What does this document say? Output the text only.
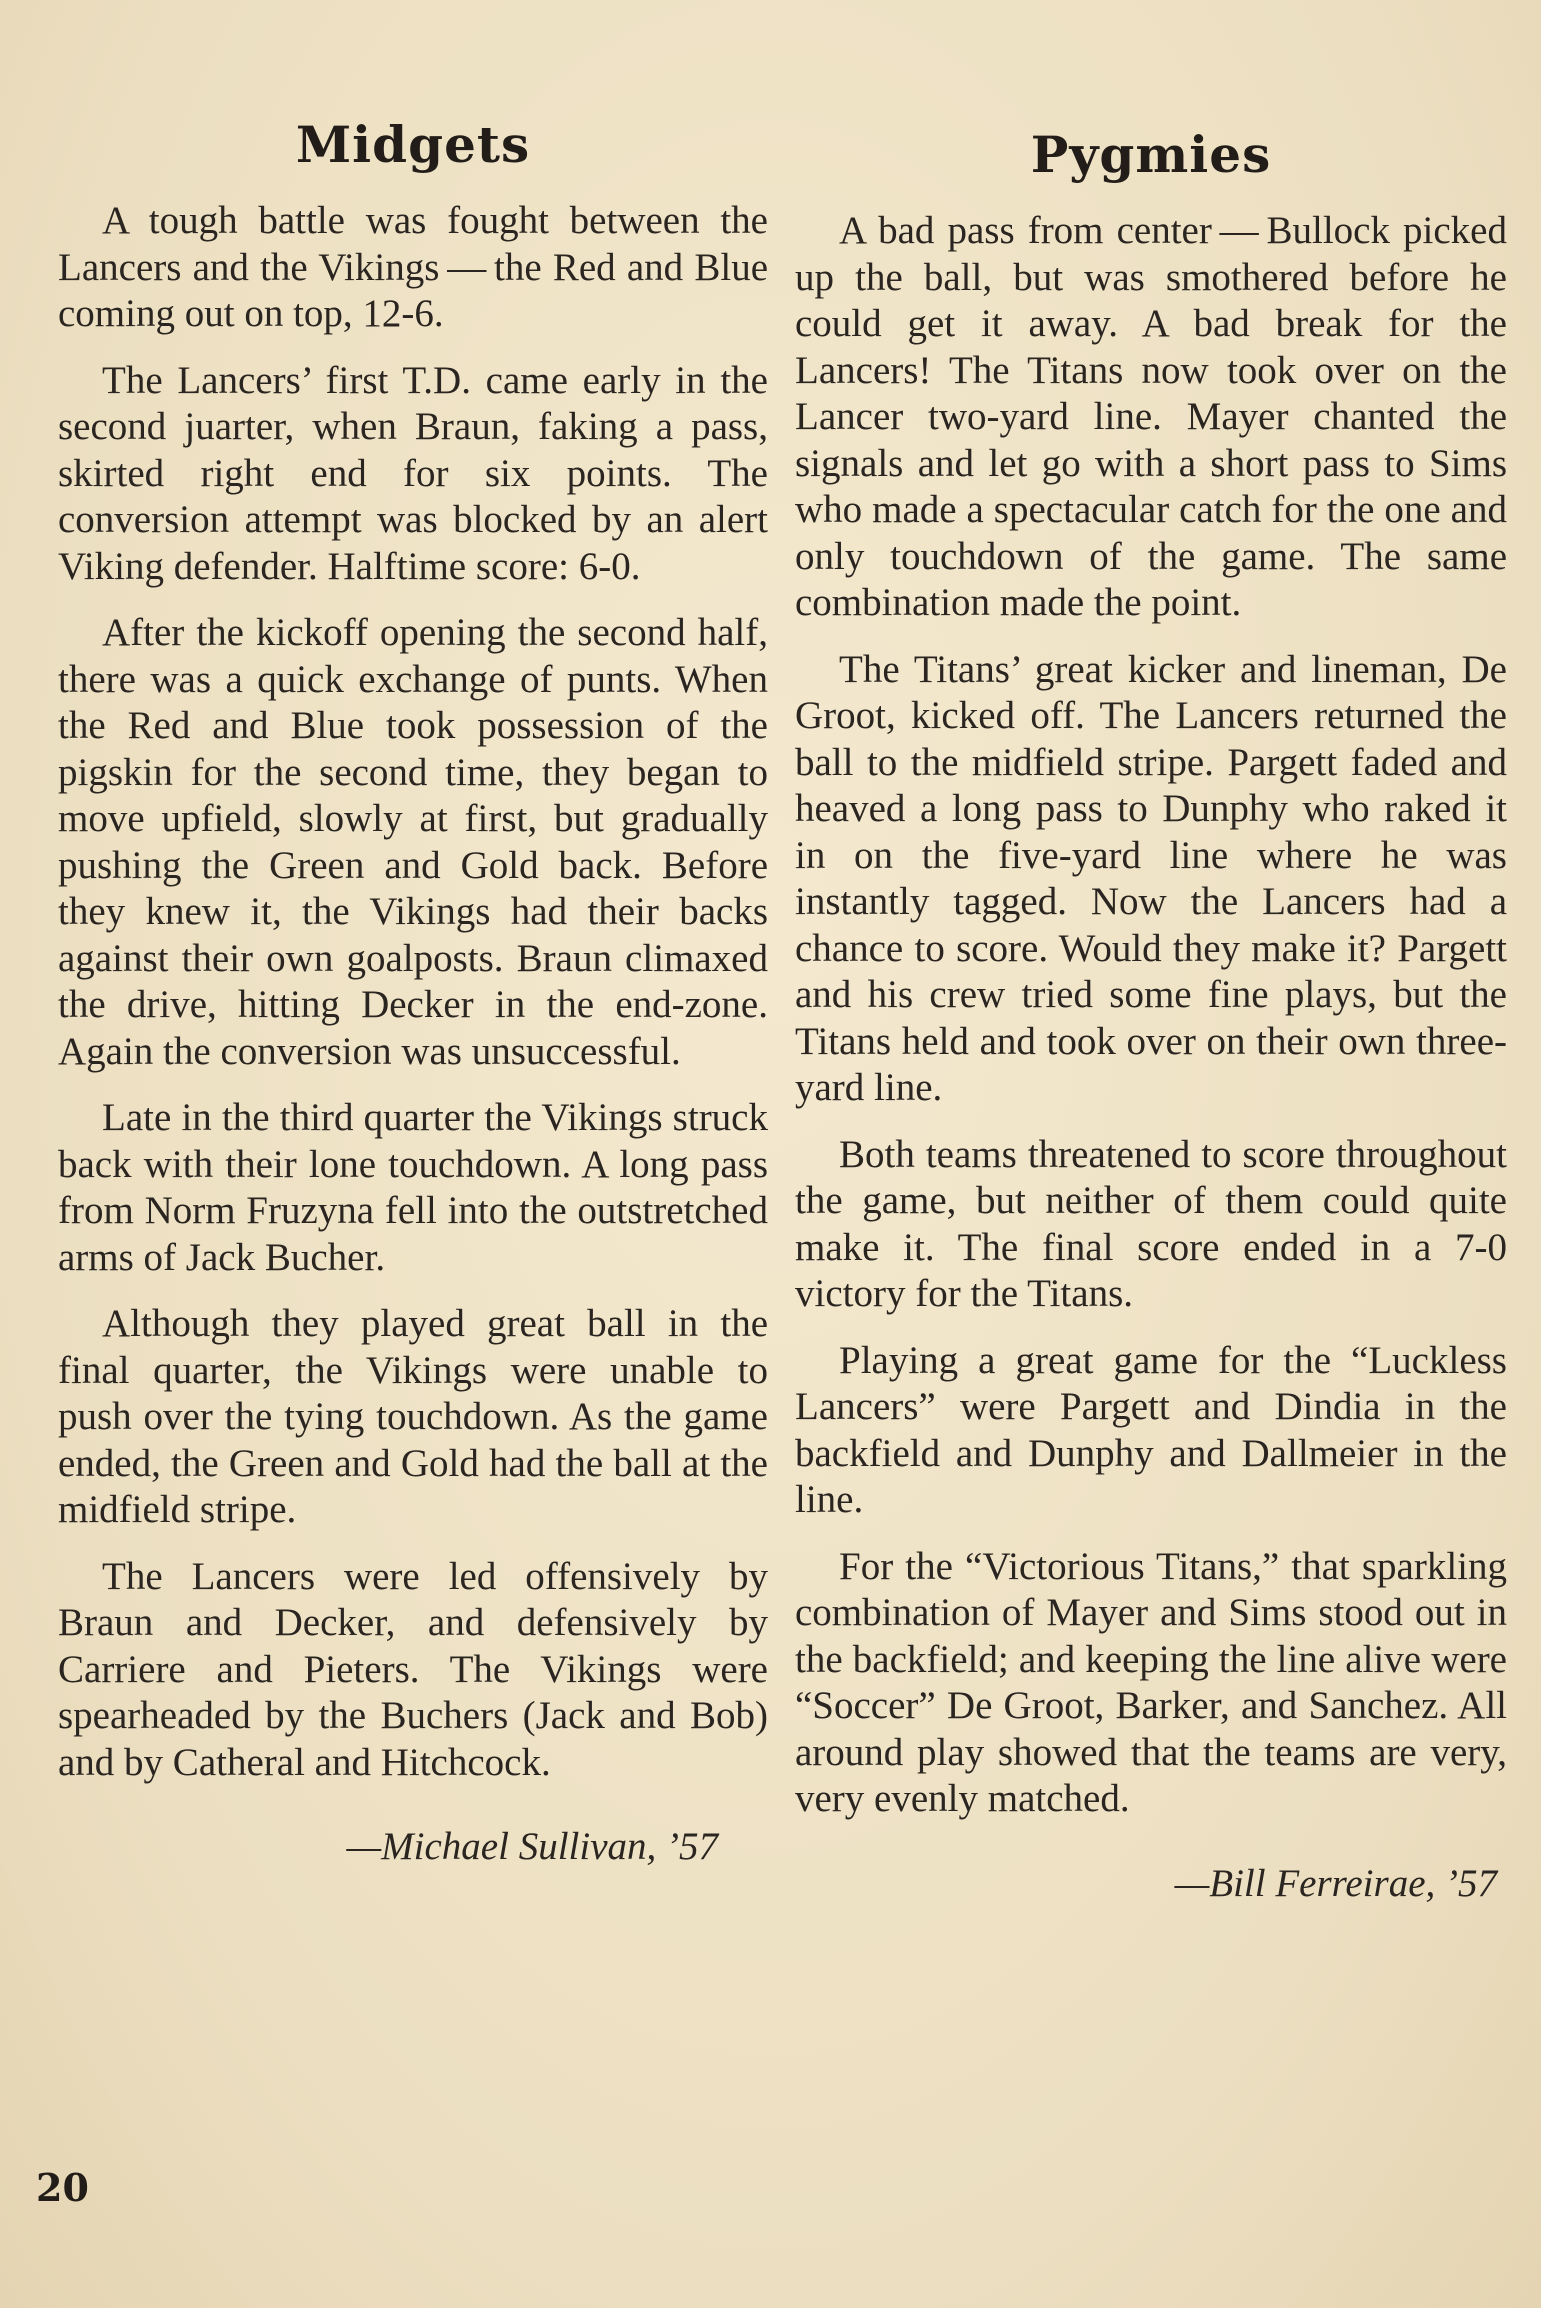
Midgets

A tough battle was fought between the Lancers and the Vikings — the Red and Blue coming out on top, 12-6.

The Lancers’ first T.D. came early in the second juarter, when Braun, faking a pass, skirted right end for six points. The conversion attempt was blocked by an alert Viking defender. Halftime score: 6-0.

After the kickoff opening the second half, there was a quick exchange of punts. When the Red and Blue took possession of the pigskin for the second time, they began to move upfield, slowly at first, but gradually pushing the Green and Gold back. Before they knew it, the Vikings had their backs against their own goalposts. Braun climaxed the drive, hitting Decker in the end-zone. Again the conversion was unsuccessful.

Late in the third quarter the Vikings struck back with their lone touchdown. A long pass from Norm Fruzyna fell into the outstretched arms of Jack Bucher.

Although they played great ball in the final quarter, the Vikings were unable to push over the tying touchdown. As the game ended, the Green and Gold had the ball at the midfield stripe.

The Lancers were led offensively by Braun and Decker, and defensively by Carriere and Pieters. The Vikings were spearheaded by the Buchers (Jack and Bob) and by Catheral and Hitchcock.

—Michael Sullivan, ’57
Pygmies

A bad pass from center — Bullock picked up the ball, but was smothered before he could get it away. A bad break for the Lancers! The Titans now took over on the Lancer two-yard line. Mayer chanted the signals and let go with a short pass to Sims who made a spectacular catch for the one and only touchdown of the game. The same combination made the point.

The Titans’ great kicker and lineman, De Groot, kicked off. The Lancers returned the ball to the midfield stripe. Pargett faded and heaved a long pass to Dunphy who raked it in on the five-yard line where he was instantly tagged. Now the Lancers had a chance to score. Would they make it? Pargett and his crew tried some fine plays, but the Titans held and took over on their own three-yard line.

Both teams threatened to score throughout the game, but neither of them could quite make it. The final score ended in a 7-0 victory for the Titans.

Playing a great game for the “Luckless Lancers” were Pargett and Dindia in the backfield and Dunphy and Dallmeier in the line.

For the “Victorious Titans,” that sparkling combination of Mayer and Sims stood out in the backfield; and keeping the line alive were “Soccer” De Groot, Barker, and Sanchez. All around play showed that the teams are very, very evenly matched.

—Bill Ferreirae, ’57
20
